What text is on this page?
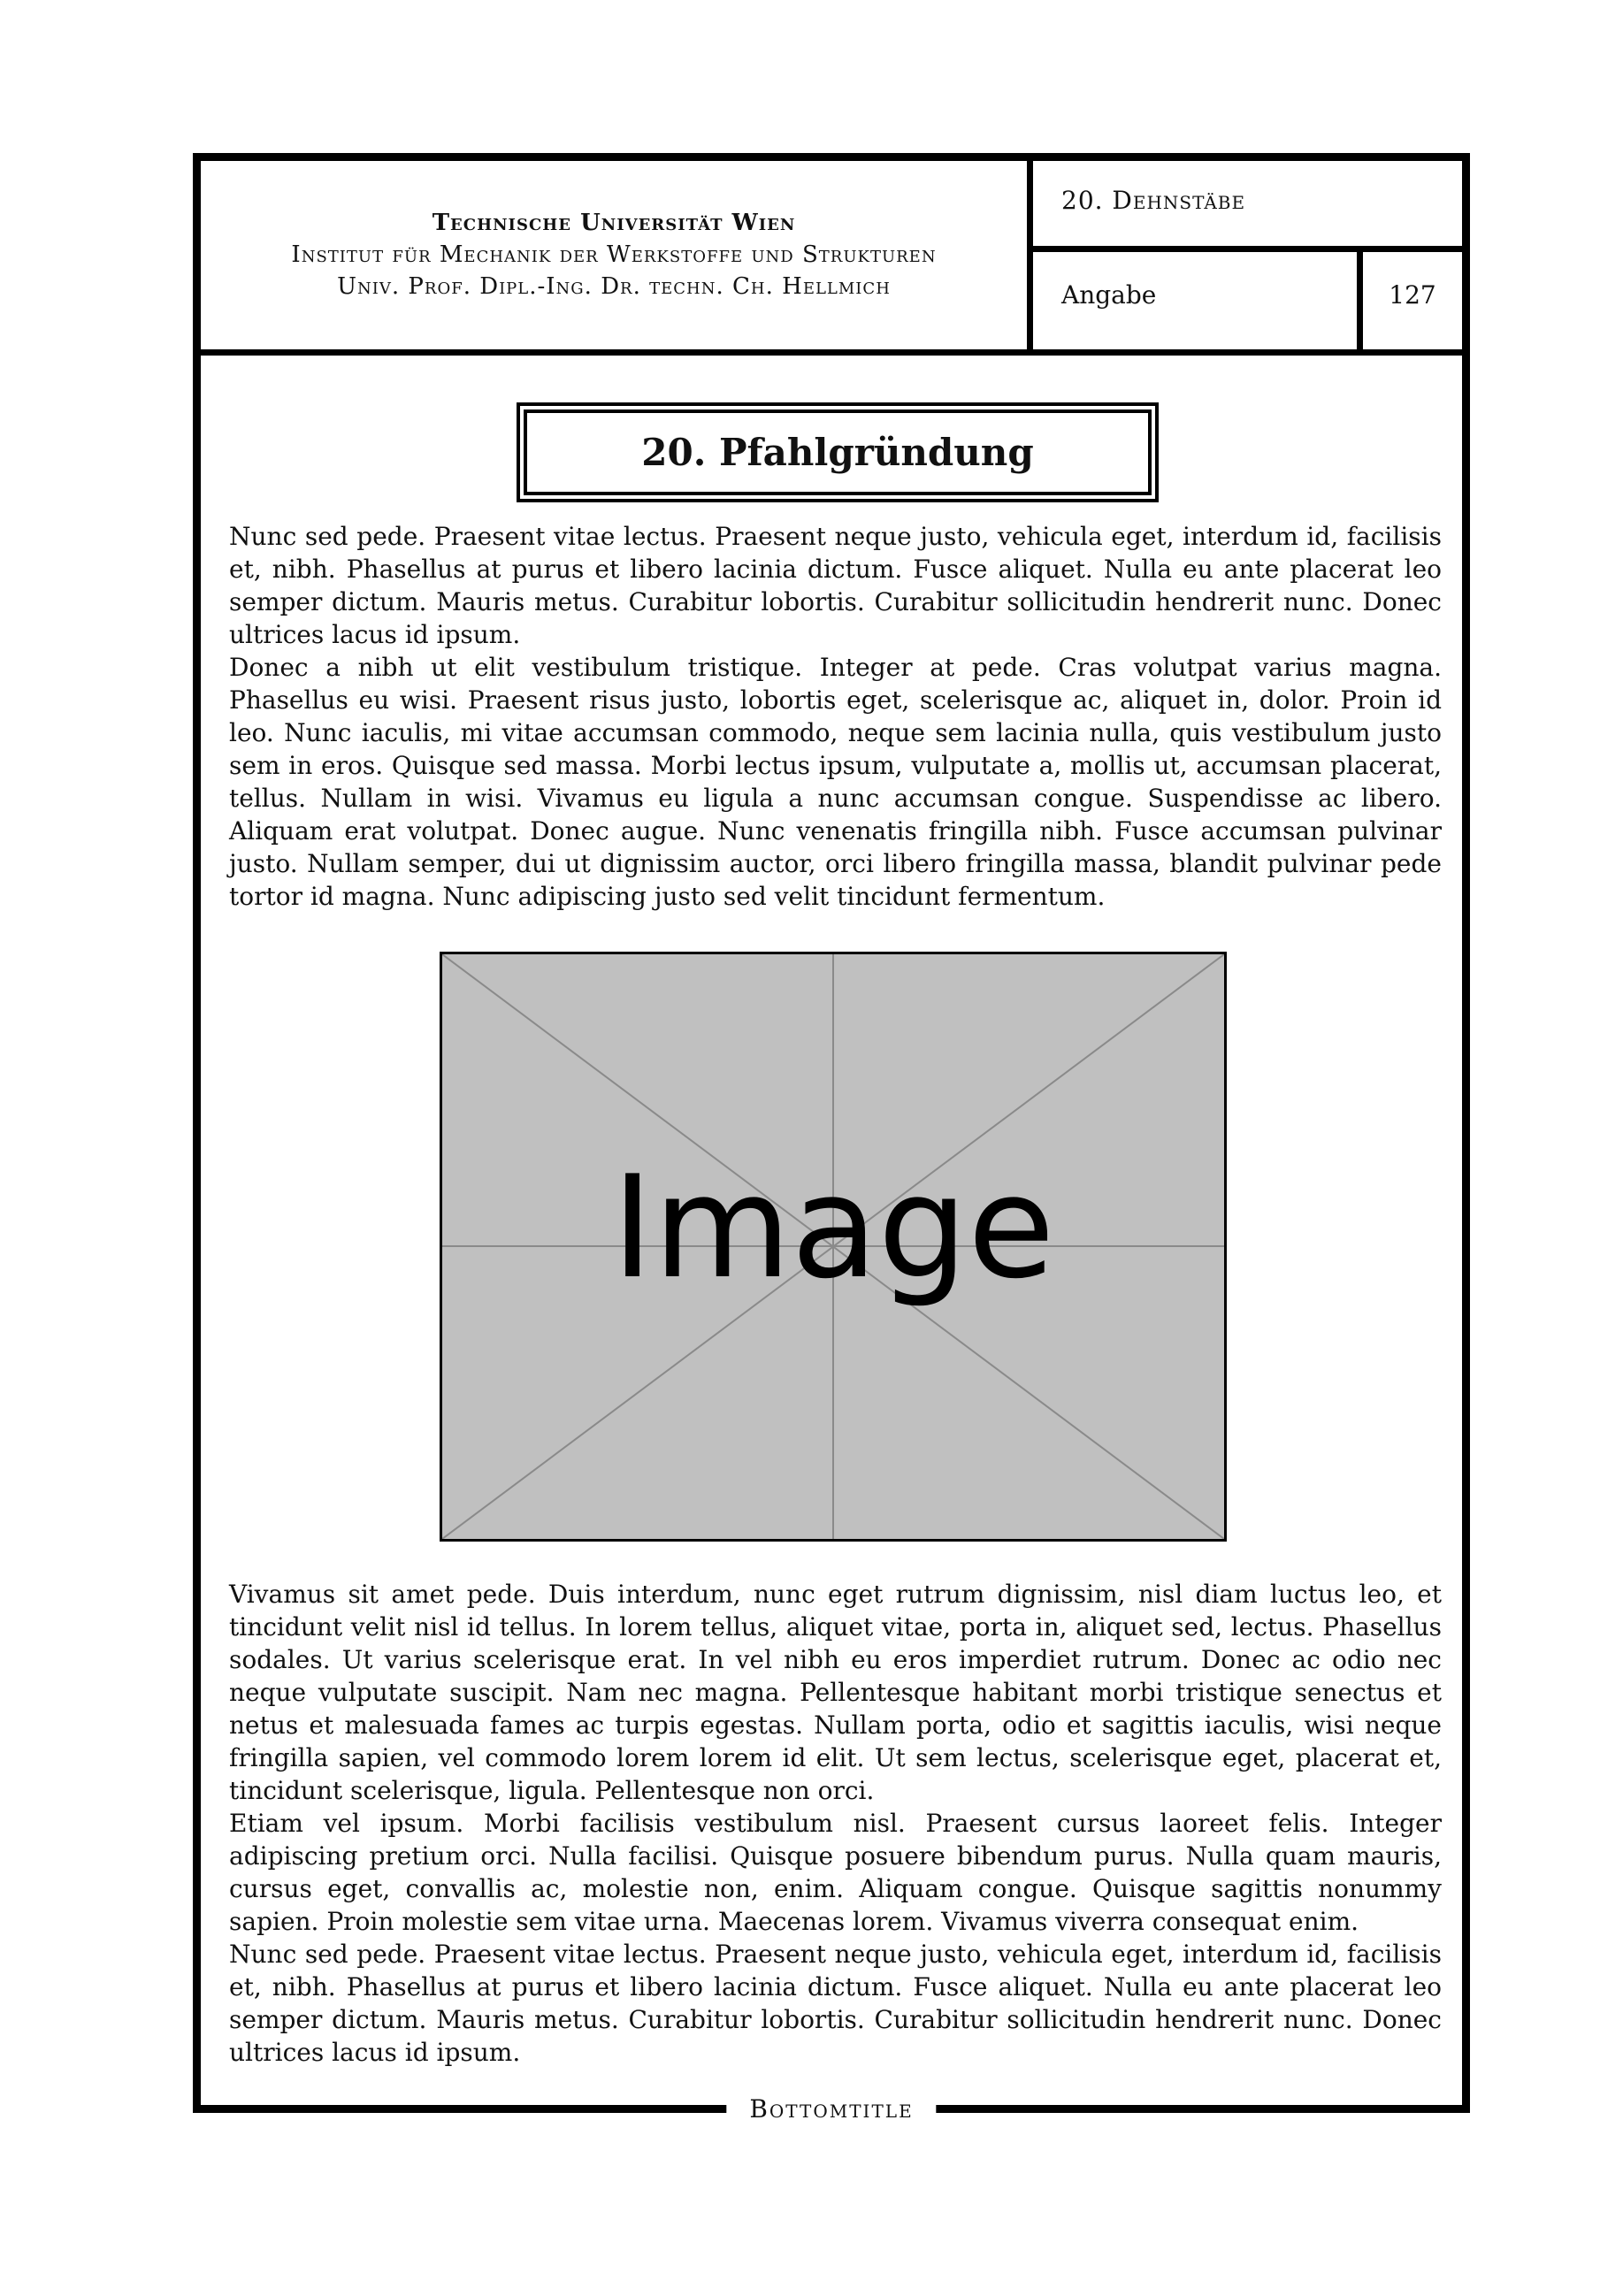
Technische Universität Wien
Institut für Mechanik der Werkstoffe und Strukturen
Univ. Prof. Dipl.-Ing. Dr. techn. Ch. Hellmich
20. Dehnstäbe
Angabe	127
20. Pfahlgründung

Nunc sed pede. Praesent vitae lectus. Praesent neque justo, vehicula eget, interdum id, facilisis et, nibh. Phasellus at purus et libero lacinia dictum. Fusce aliquet. Nulla eu ante placerat leo semper dictum. Mauris metus. Curabitur lobortis. Curabitur sollicitudin hendrerit nunc. Donec ultrices lacus id ipsum.

Donec a nibh ut elit vestibulum tristique. Integer at pede. Cras volutpat varius magna. Phasellus eu wisi. Praesent risus justo, lobortis eget, scelerisque ac, aliquet in, dolor. Proin id leo. Nunc iaculis, mi vitae accumsan commodo, neque sem lacinia nulla, quis vestibulum justo sem in eros. Quisque sed massa. Morbi lectus ipsum, vulputate a, mollis ut, accumsan placerat, tellus. Nullam in wisi. Vivamus eu ligula a nunc accumsan congue. Suspendisse ac libero. Aliquam erat volutpat. Donec augue. Nunc venenatis fringilla nibh. Fusce accumsan pulvinar justo. Nullam semper, dui ut dignissim auctor, orci libero fringilla massa, blandit pulvinar pede tortor id magna. Nunc adipiscing justo sed velit tincidunt fermentum.

Image

Vivamus sit amet pede. Duis interdum, nunc eget rutrum dignissim, nisl diam luctus leo, et tincidunt velit nisl id tellus. In lorem tellus, aliquet vitae, porta in, aliquet sed, lectus. Phasellus sodales. Ut varius scelerisque erat. In vel nibh eu eros imperdiet rutrum. Donec ac odio nec neque vulputate suscipit. Nam nec magna. Pellentesque habitant morbi tristique senectus et netus et malesuada fames ac turpis egestas. Nullam porta, odio et sagittis iaculis, wisi neque fringilla sapien, vel commodo lorem lorem id elit. Ut sem lectus, scelerisque eget, placerat et, tincidunt scelerisque, ligula. Pellentesque non orci.

Etiam vel ipsum. Morbi facilisis vestibulum nisl. Praesent cursus laoreet felis. Integer adipiscing pretium orci. Nulla facilisi. Quisque posuere bibendum purus. Nulla quam mauris, cursus eget, convallis ac, molestie non, enim. Aliquam congue. Quisque sagittis nonummy sapien. Proin molestie sem vitae urna. Maecenas lorem. Vivamus viverra consequat enim.

Nunc sed pede. Praesent vitae lectus. Praesent neque justo, vehicula eget, interdum id, facilisis et, nibh. Phasellus at purus et libero lacinia dictum. Fusce aliquet. Nulla eu ante placerat leo semper dictum. Mauris metus. Curabitur lobortis. Curabitur sollicitudin hendrerit nunc. Donec ultrices lacus id ipsum.

Bottomtitle
